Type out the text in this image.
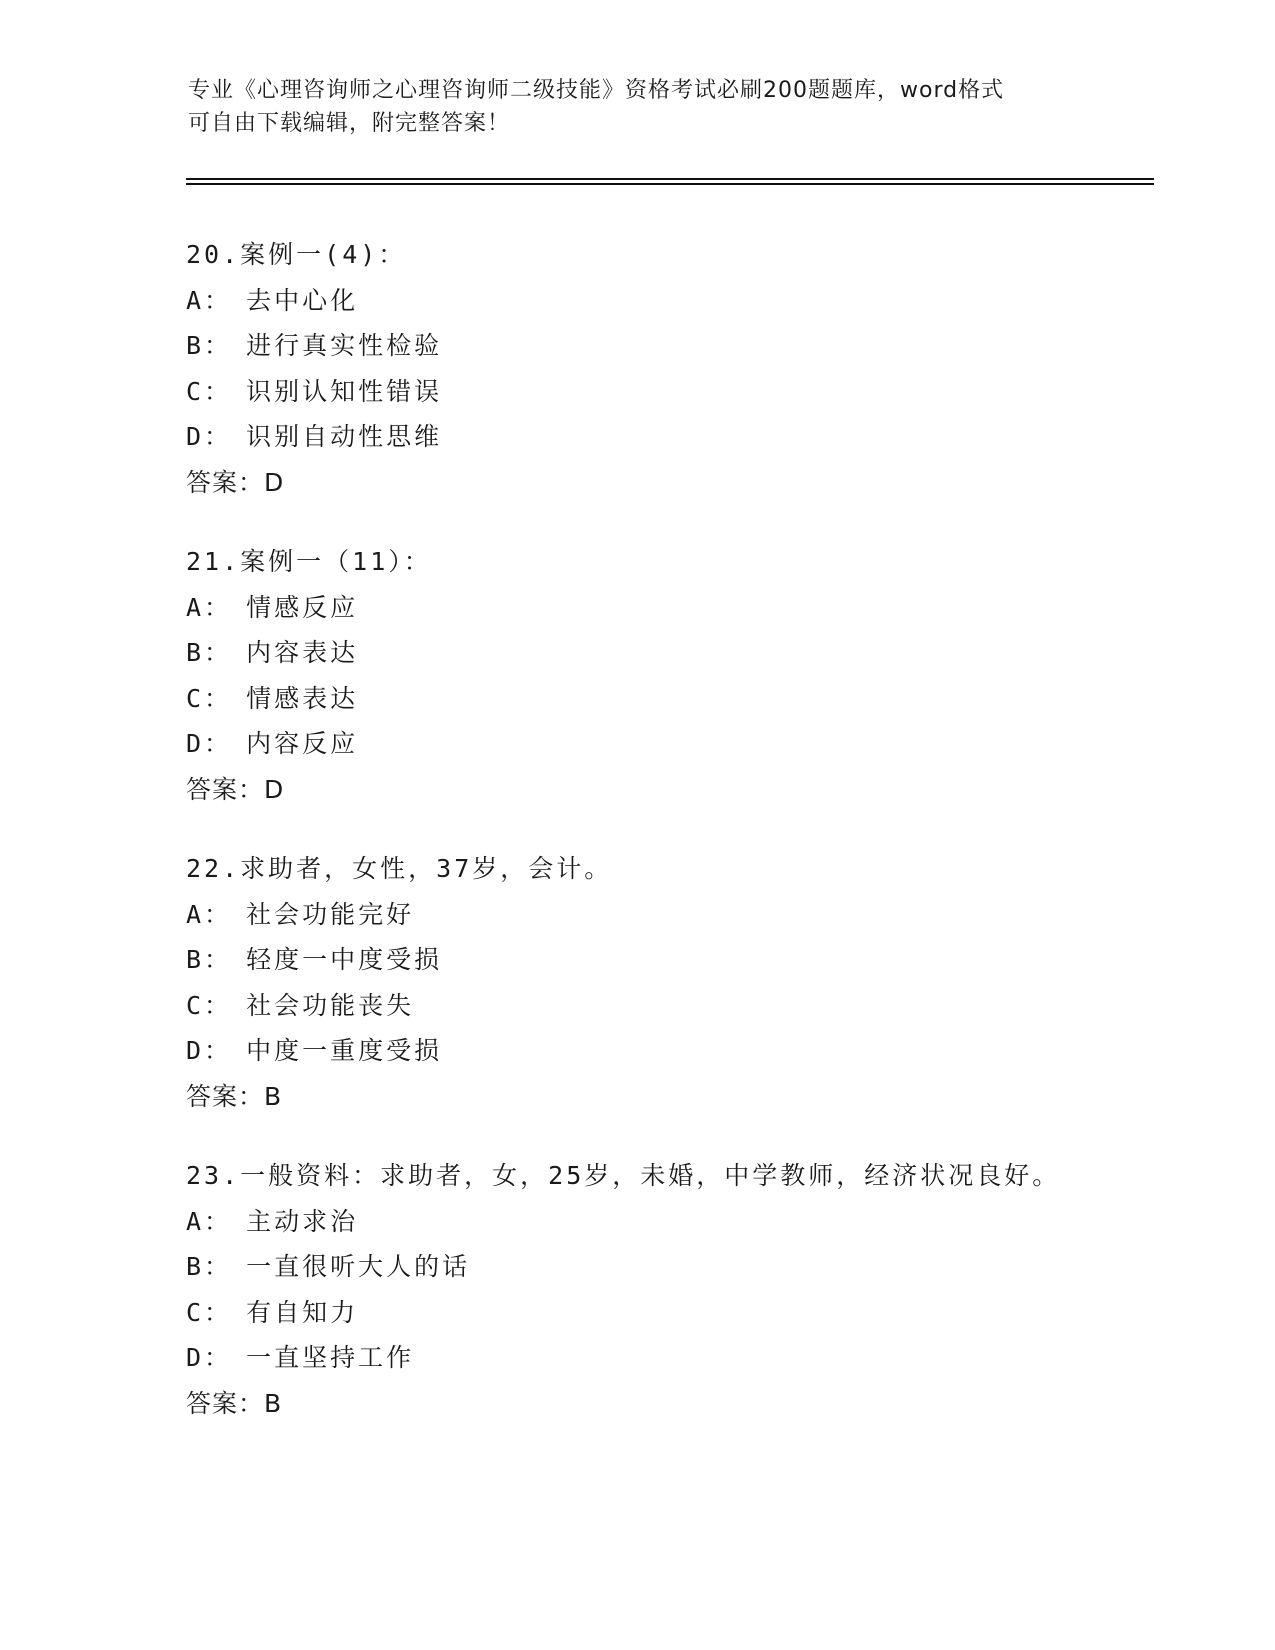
专业《心理咨询师之心理咨询师二级技能》资格考试必刷200题题库，word格式
可自由下载编辑，附完整答案！
20.案例一(4)：
A： 去中心化
B： 进行真实性检验
C： 识别认知性错误
D： 识别自动性思维
答案：D
21.案例一（11）：
A： 情感反应
B： 内容表达
C： 情感表达
D： 内容反应
答案：D
22.求助者，女性，37岁，会计。
A： 社会功能完好
B： 轻度一中度受损
C： 社会功能丧失
D： 中度一重度受损
答案：B
23.一般资料：求助者，女，25岁，未婚，中学教师，经济状况良好。
A： 主动求治
B： 一直很听大人的话
C： 有自知力
D： 一直坚持工作
答案：B
